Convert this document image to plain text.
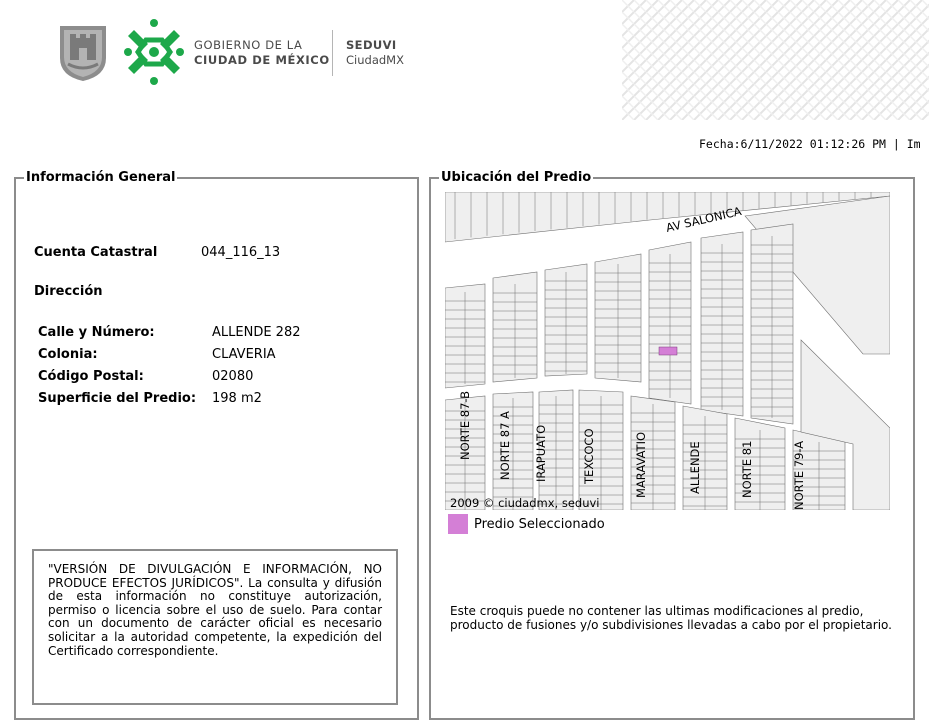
GOBIERNO DE LA
CIUDAD DE MÉXICO
SEDUVI
CiudadMX
Fecha:6/11/2022 01:12:26 PM | Im
Información General
Cuenta Catastral	044_116_13
Dirección
Calle y Número:	ALLENDE 282
Colonia:	CLAVERIA
Código Postal:	02080
Superficie del Predio: 198 m2
"VERSIÓN DE DIVULGACIÓN E INFORMACIÓN, NO PRODUCE EFECTOS JURÍDICOS". La consulta y difusión de esta información no constituye autorización, permiso o licencia sobre el uso de suelo. Para contar con un documento de carácter oficial es necesario solicitar a la autoridad competente, la expedición del Certificado correspondiente.
Ubicación del Predio
AV SALONICA
NORTE 87-B NORTE 87 A IRAPUATO	TEXCOCO	MARAVATIO	ALLENDE	NORTE 81	NORTE 79-A
2009 © ciudadmx, seduvi
Predio Seleccionado
Este croquis puede no contener las ultimas modificaciones al predio, producto de fusiones y/o subdivisiones llevadas a cabo por el propietario.
